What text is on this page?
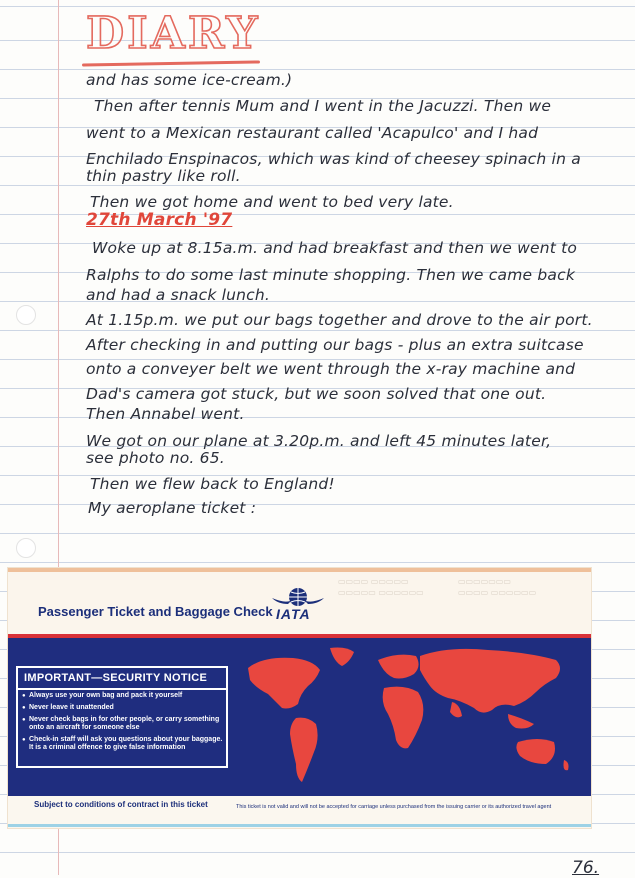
DIARY
and has some ice-cream.)
Then after tennis Mum and I went in the Jacuzzi. Then we
went to a Mexican restaurant called 'Acapulco' and I had
Enchilado Enspinacos, which was kind of cheesey spinach in a
thin pastry like roll.
Then we got home and went to bed very late.
27th March '97
Woke up at 8.15a.m. and had breakfast and then we went to
Ralphs to do some last minute shopping. Then we came back
and had a snack lunch.
At 1.15p.m. we put our bags together and drove to the air port.
After checking in and putting our bags - plus an extra suitcase
onto a conveyer belt we went through the x-ray machine and
Dad's camera got stuck, but we soon solved that one out.
Then Annabel went.
We got on our plane at 3.20p.m. and left 45 minutes later,
see photo no. 65.
Then we flew back to England!
My aeroplane ticket :
▭▭▭▭ ▭▭▭▭▭
▭▭▭▭▭ ▭▭▭▭▭▭
▭▭▭▭▭▭▭
▭▭▭▭ ▭▭▭▭▭▭
Passenger Ticket and Baggage Check IATA
IMPORTANT—SECURITY NOTICE
● Always use your own bag and pack it yourself
● Never leave it unattended
● Never check bags in for other people, or carry something onto an aircraft for someone else
● Check-in staff will ask you questions about your baggage. It is a criminal offence to give false information
Subject to conditions of contract in this ticket	This ticket is not valid and will not be accepted for carriage unless purchased from the issuing carrier or its authorized travel agent
76.
